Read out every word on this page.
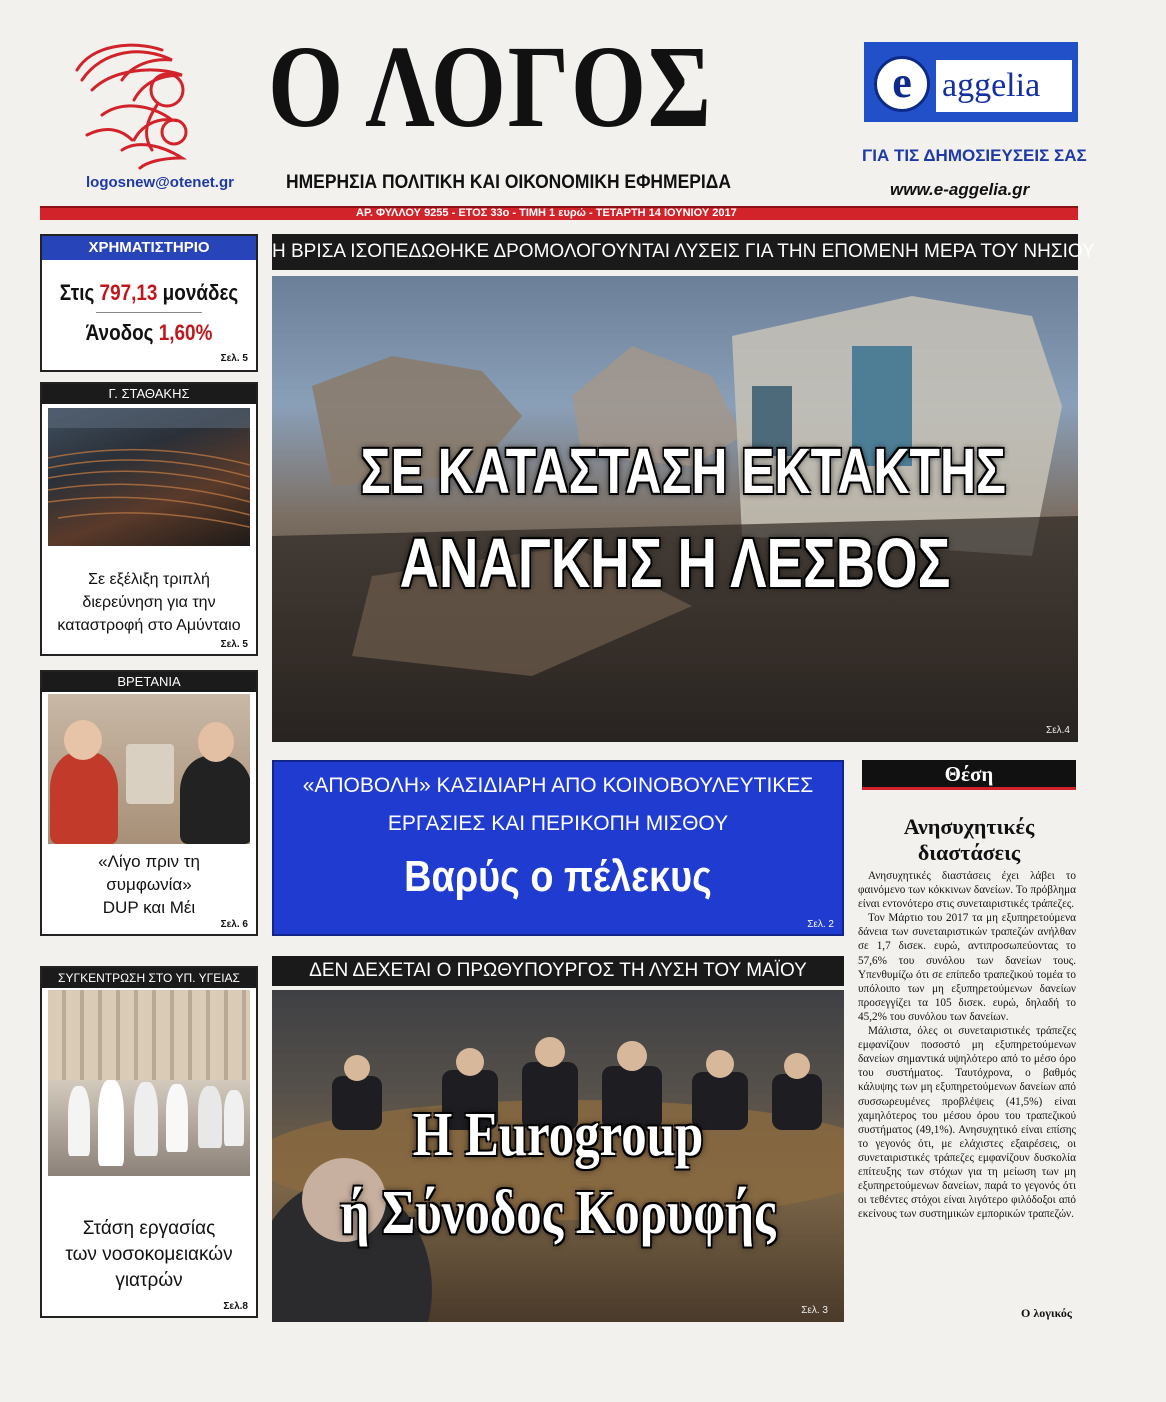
logosnew@otenet.gr
Ο ΛΟΓΟΣ
ΗΜΕΡΗΣΙΑ ΠΟΛΙΤΙΚΗ ΚΑΙ ΟΙΚΟΝΟΜΙΚΗ ΕΦΗΜΕΡΙΔΑ
e aggelia
ΓΙΑ ΤΙΣ ΔΗΜΟΣΙΕΥΣΕΙΣ ΣΑΣ
www.e-aggelia.gr
ΑΡ. ΦΥΛΛΟΥ 9255 - ΕΤΟΣ 33ο - ΤΙΜΗ 1 ευρώ - ΤΕΤΑΡΤΗ 14 ΙΟΥΝΙΟΥ 2017
ΧΡΗΜΑΤΙΣΤΗΡΙΟ
Στις 797,13 μονάδες
Άνοδος 1,60%
Σελ. 5
Γ. ΣΤΑΘΑΚΗΣ
Σε εξέλιξη τριπλή διερεύνηση για την καταστροφή στο Αμύνταιο
Σελ. 5
ΒΡΕΤΑΝΙΑ
«Λίγο πριν τη
συμφωνία»
DUP και Μέι
Σελ. 6
ΣΥΓΚΕΝΤΡΩΣΗ ΣΤΟ ΥΠ. ΥΓΕΙΑΣ
Στάση εργασίας
των νοσοκομειακών
γιατρών
Σελ.8
Η ΒΡΙΣΑ ΙΣΟΠΕΔΩΘΗΚΕ ΔΡΟΜΟΛΟΓΟΥΝΤΑΙ ΛΥΣΕΙΣ ΓΙΑ ΤΗΝ ΕΠΟΜΕΝΗ ΜΕΡΑ ΤΟΥ ΝΗΣΙΟΥ
ΣΕ ΚΑΤΑΣΤΑΣΗ ΕΚΤΑΚΤΗΣ
ΑΝΑΓΚΗΣ Η ΛΕΣΒΟΣ
Σελ.4
«ΑΠΟΒΟΛΗ» ΚΑΣΙΔΙΑΡΗ ΑΠΟ ΚΟΙΝΟΒΟΥΛΕΥΤΙΚΕΣ
ΕΡΓΑΣΙΕΣ ΚΑΙ ΠΕΡΙΚΟΠΗ ΜΙΣΘΟΥ
Βαρύς ο πέλεκυς
Σελ. 2
ΔΕΝ ΔΕΧΕΤΑΙ Ο ΠΡΩΘΥΠΟΥΡΓΟΣ ΤΗ ΛΥΣΗ ΤΟΥ ΜΑΪΟΥ
Η Eurogroup
ή Σύνοδος Κορυφής
Σελ. 3
Θέση
Ανησυχητικές
διαστάσεις

Ανησυχητικές διαστάσεις έχει λάβει το φαινόμενο των κόκκινων δανείων. Το πρόβλημα είναι εντονότερο στις συνεταιριστικές τράπεζες.

Τον Μάρτιο του 2017 τα μη εξυπηρετούμενα δάνεια των συνεταιριστικών τραπεζών ανήλθαν σε 1,7 δισεκ. ευρώ, αντιπροσωπεύοντας το 57,6% του συνόλου των δανείων τους. Υπενθυμίζω ότι σε επίπεδο τραπεζικού τομέα το υπόλοιπο των μη εξυπηρετούμενων δανείων προσεγγίζει τα 105 δισεκ. ευρώ, δηλαδή το 45,2% του συνόλου των δανείων.

Μάλιστα, όλες οι συνεταιριστικές τράπεζες εμφανίζουν ποσοστό μη εξυπηρετούμενων δανείων σημαντικά υψηλότερο από το μέσο όρο του συστήματος. Ταυτόχρονα, ο βαθμός κάλυψης των μη εξυπηρετούμενων δανείων από συσσωρευμένες προβλέψεις (41,5%) είναι χαμηλότερος του μέσου όρου του τραπεζικού συστήματος (49,1%). Ανησυχητικό είναι επίσης το γεγονός ότι, με ελάχιστες εξαιρέσεις, οι συνεταιριστικές τράπεζες εμφανίζουν δυσκολία επίτευξης των στόχων για τη μείωση των μη εξυπηρετούμενων δανείων, παρά το γεγονός ότι οι τεθέντες στόχοι είναι λιγότερο φιλόδοξοι από εκείνους των συστημικών εμπορικών τραπεζών.

Ο λογικός
